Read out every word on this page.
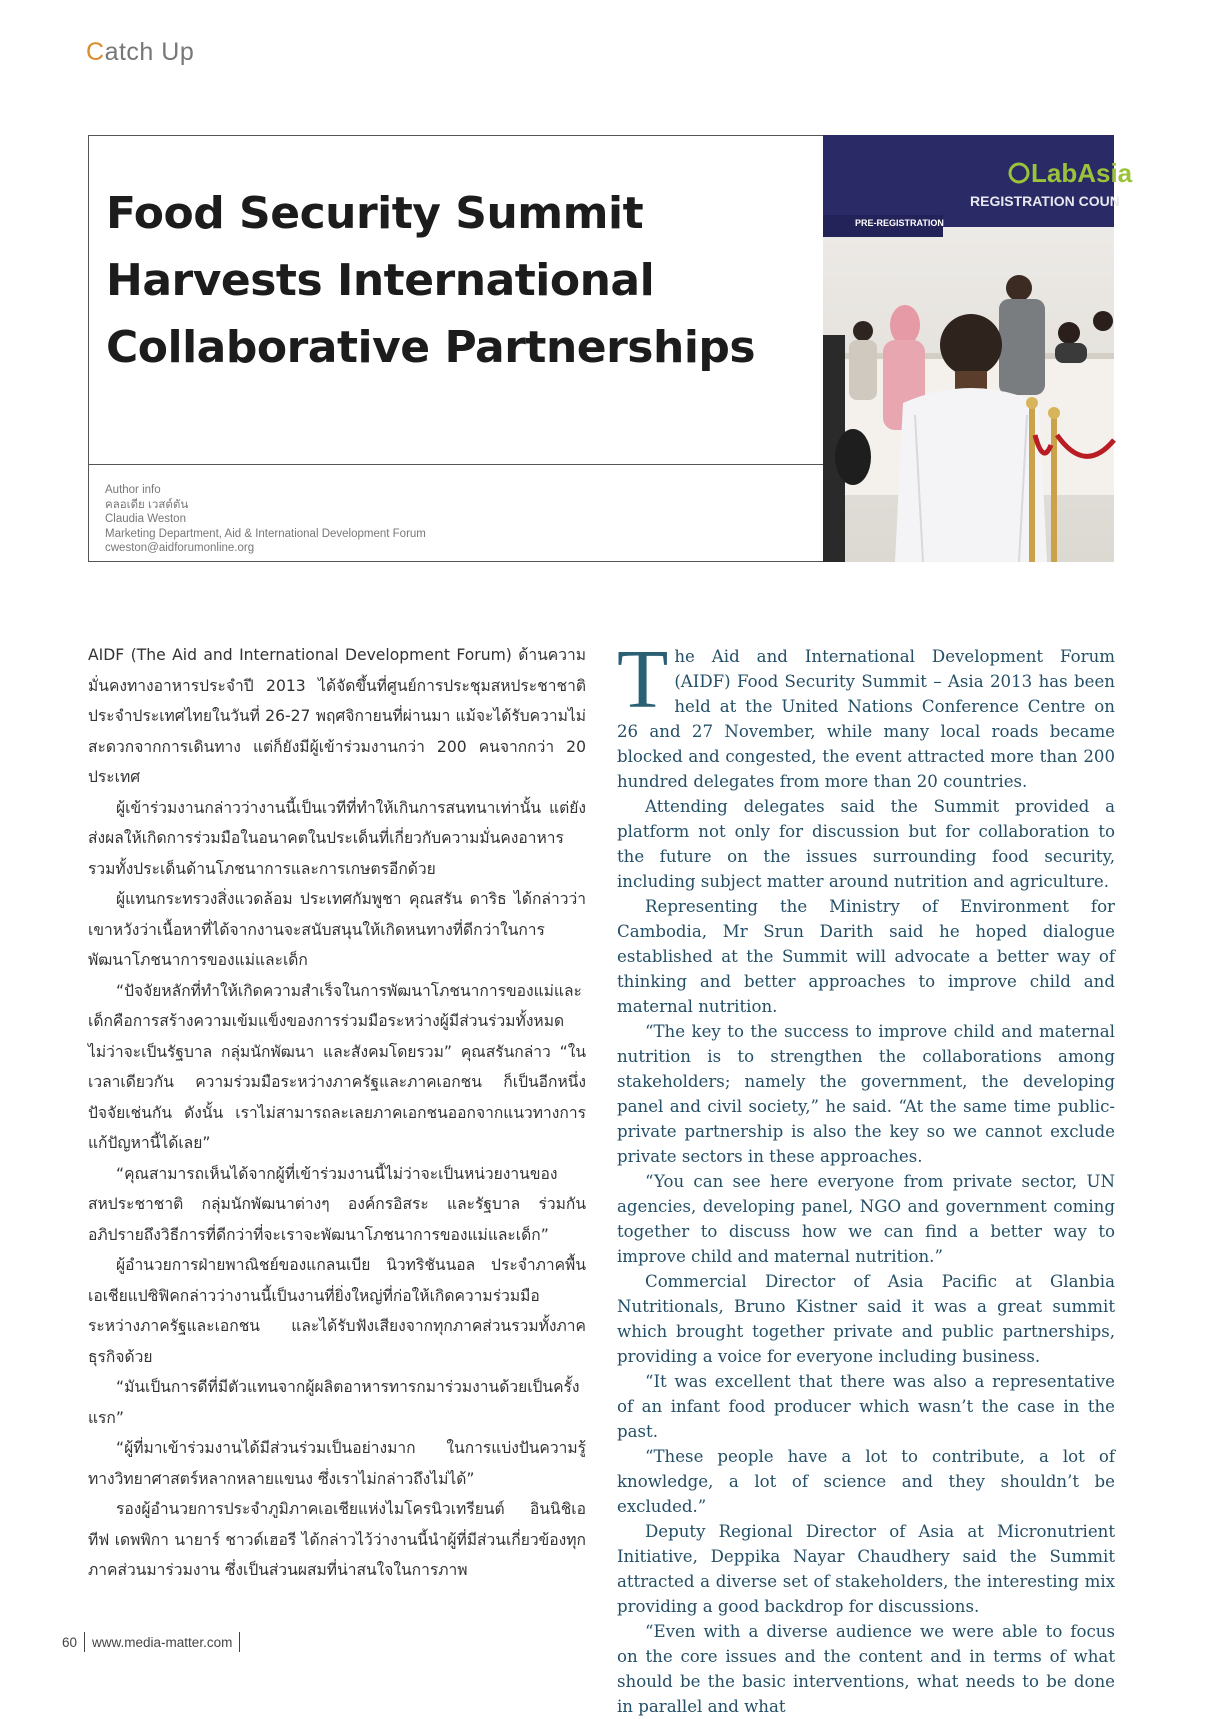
Catch Up
Food Security Summit
Harvests International
Collaborative Partnerships
Author info
คลอเดีย เวสต์ตัน
Claudia Weston
Marketing Department, Aid & International Development Forum
cweston@aidforumonline.org
LabAsia
REGISTRATION COUN
PRE-REGISTRATION

AIDF (The Aid and International Development Forum) ด้านความมั่นคงทางอาหารประจำปี 2013 ได้จัดขึ้นที่ศูนย์การประชุมสหประชาชาติ ประจำประเทศไทยในวันที่ 26-27 พฤศจิกายนที่ผ่านมา แม้จะได้รับความไม่สะดวกจากการเดินทาง แต่ก็ยังมีผู้เข้าร่วมงานกว่า 200 คนจากกว่า 20 ประเทศ

ผู้เข้าร่วมงานกล่าวว่างานนี้เป็นเวทีที่ทำให้เกินการสนทนาเท่านั้น แต่ยังส่งผลให้เกิดการร่วมมือในอนาคตในประเด็นที่เกี่ยวกับความมั่นคงอาหาร รวมทั้งประเด็นด้านโภชนาการและการเกษตรอีกด้วย

ผู้แทนกระทรวงสิ่งแวดล้อม ประเทศกัมพูชา คุณสรัน ดาริธ ได้กล่าวว่า เขาหวังว่าเนื้อหาที่ได้จากงานจะสนับสนุนให้เกิดหนทางที่ดีกว่าในการพัฒนาโภชนาการของแม่และเด็ก

“ปัจจัยหลักที่ทำให้เกิดความสำเร็จในการพัฒนาโภชนาการของแม่และเด็กคือการสร้างความเข้มแข็งของการร่วมมือระหว่างผู้มีส่วนร่วมทั้งหมด ไม่ว่าจะเป็นรัฐบาล กลุ่มนักพัฒนา และสังคมโดยรวม” คุณสรันกล่าว “ในเวลาเดียวกัน ความร่วมมือระหว่างภาครัฐและภาคเอกชน ก็เป็นอีกหนึ่งปัจจัยเช่นกัน ดังนั้น เราไม่สามารถละเลยภาคเอกชนออกจากแนวทางการแก้ปัญหานี้ได้เลย”

“คุณสามารถเห็นได้จากผู้ที่เข้าร่วมงานนี้ไม่ว่าจะเป็นหน่วยงานของสหประชาชาติ กลุ่มนักพัฒนาต่างๆ องค์กรอิสระ และรัฐบาล ร่วมกันอภิปรายถึงวิธีการที่ดีกว่าที่จะเราจะพัฒนาโภชนาการของแม่และเด็ก”

ผู้อำนวยการฝ่ายพาณิชย์ของแกลนเบีย นิวทริชันนอล ประจำภาคพื้นเอเชียแปซิฟิคกล่าวว่างานนี้เป็นงานที่ยิ่งใหญ่ที่ก่อให้เกิดความร่วมมือระหว่างภาครัฐและเอกชน และได้รับฟังเสียงจากทุกภาคส่วนรวมทั้งภาคธุรกิจด้วย

“มันเป็นการดีที่มีตัวแทนจากผู้ผลิตอาหารทารกมาร่วมงานด้วยเป็นครั้งแรก”

“ผู้ที่มาเข้าร่วมงานได้มีส่วนร่วมเป็นอย่างมาก ในการแบ่งปันความรู้ทางวิทยาศาสตร์หลากหลายแขนง ซึ่งเราไม่กล่าวถึงไม่ได้”

รองผู้อำนวยการประจำภูมิภาคเอเชียแห่งไมโครนิวเทรียนต์ อินนิชิเอทีฟ เดพพิกา นายาร์ ชาวด์เฮอรี ได้กล่าวไว้ว่างานนี้นำผู้ที่มีส่วนเกี่ยวข้องทุกภาคส่วนมาร่วมงาน ซึ่งเป็นส่วนผสมที่น่าสนใจในการภาพ

The Aid and International Development Forum (AIDF) Food Security Summit – Asia 2013 has been held at the United Nations Conference Centre on 26 and 27 November, while many local roads became blocked and congested, the event attracted more than 200 hundred delegates from more than 20 countries.

Attending delegates said the Summit provided a platform not only for discussion but for collaboration to the future on the issues surrounding food security, including subject matter around nutrition and agriculture.

Representing the Ministry of Environment for Cambodia, Mr Srun Darith said he hoped dialogue established at the Summit will advocate a better way of thinking and better approaches to improve child and maternal nutrition.

“The key to the success to improve child and maternal nutrition is to strengthen the collaborations among stakeholders; namely the government, the developing panel and civil society,” he said. “At the same time public-private partnership is also the key so we cannot exclude private sectors in these approaches.

“You can see here everyone from private sector, UN agencies, developing panel, NGO and government coming together to discuss how we can find a better way to improve child and maternal nutrition.”

Commercial Director of Asia Pacific at Glanbia Nutritionals, Bruno Kistner said it was a great summit which brought together private and public partnerships, providing a voice for everyone including business.

“It was excellent that there was also a representative of an infant food producer which wasn’t the case in the past.

“These people have a lot to contribute, a lot of knowledge, a lot of science and they shouldn’t be excluded.”

Deputy Regional Director of Asia at Micronutrient Initiative, Deppika Nayar Chaudhery said the Summit attracted a diverse set of stakeholders, the interesting mix providing a good backdrop for discussions.

“Even with a diverse audience we were able to focus on the core issues and the content and in terms of what should be the basic interventions, what needs to be done in parallel and what

60 www.media-matter.com
